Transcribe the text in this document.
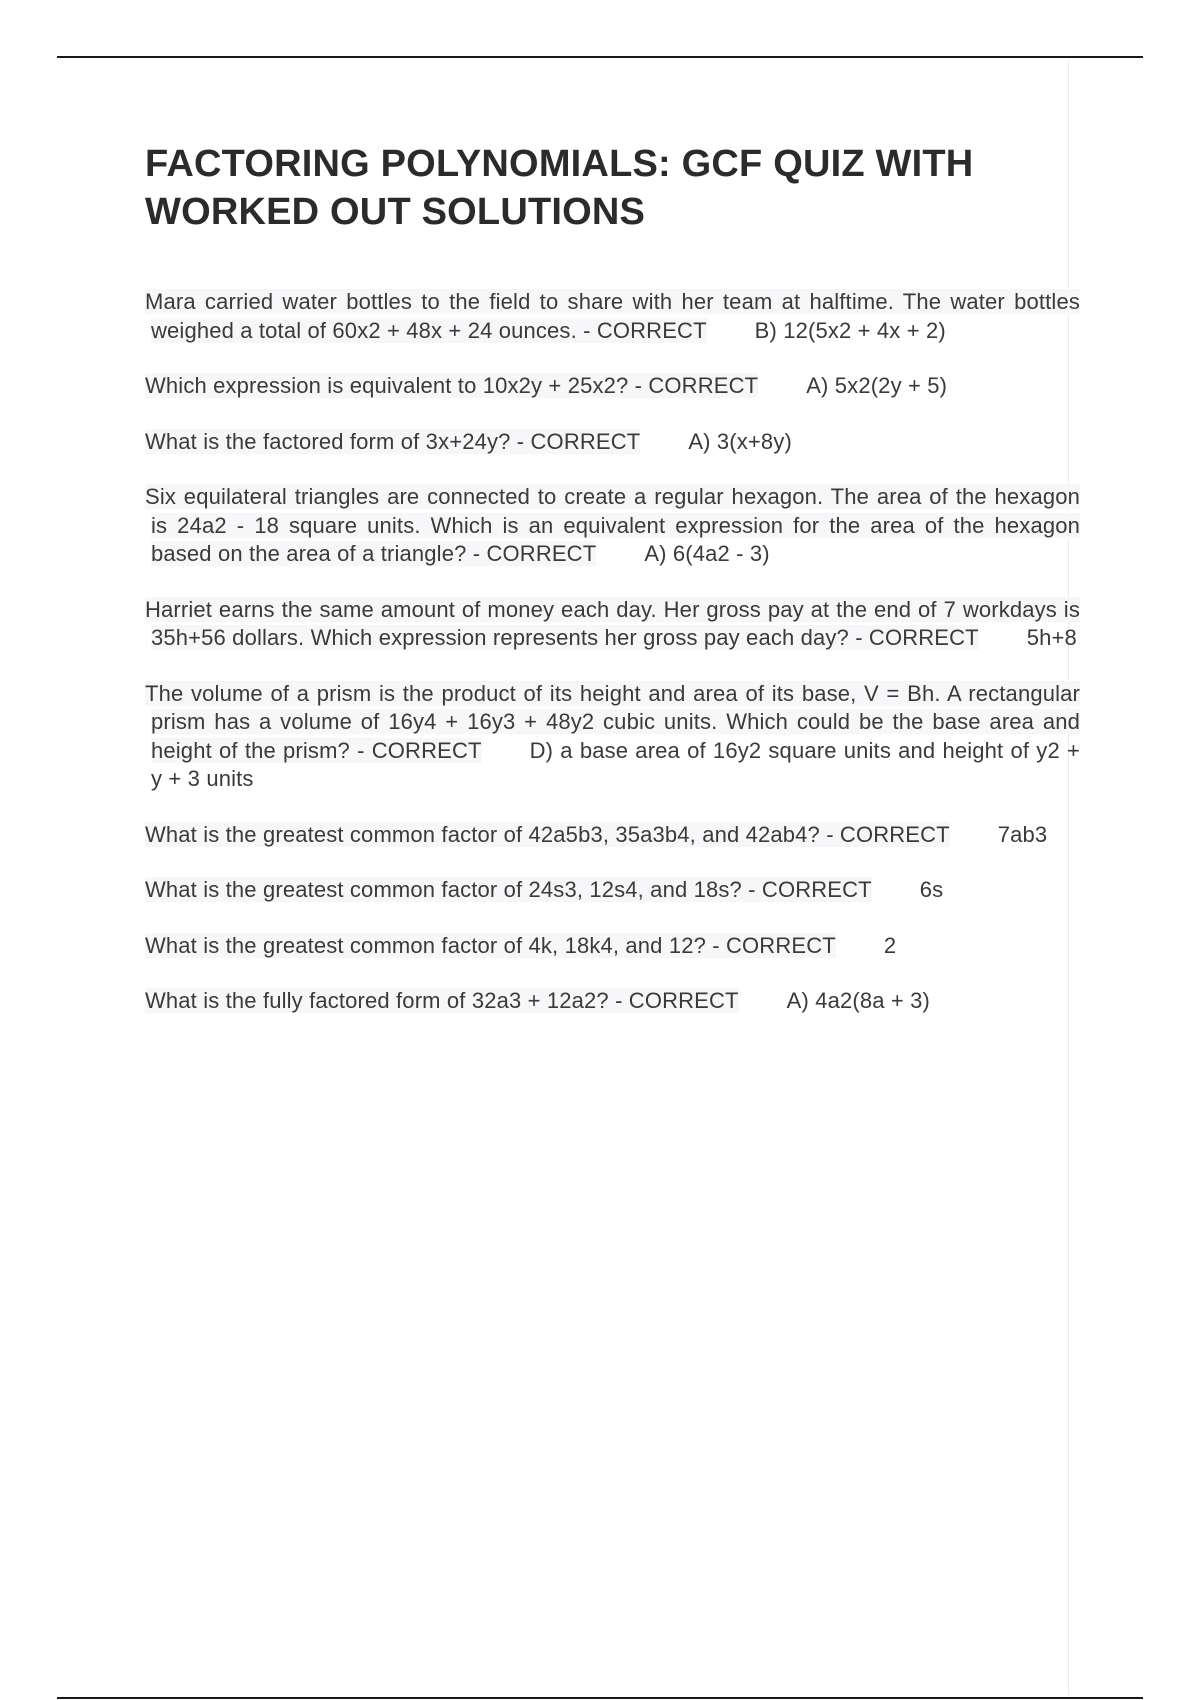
FACTORING POLYNOMIALS: GCF QUIZ WITH WORKED OUT SOLUTIONS

Mara carried water bottles to the field to share with her team at halftime. The water bottles weighed a total of 60x2 + 48x + 24 ounces. - CORRECT B) 12(5x2 + 4x + 2)

Which expression is equivalent to 10x2y + 25x2? - CORRECT A) 5x2(2y + 5)

What is the factored form of 3x+24y? - CORRECT A) 3(x+8y)

Six equilateral triangles are connected to create a regular hexagon. The area of the hexagon is 24a2 - 18 square units. Which is an equivalent expression for the area of the hexagon based on the area of a triangle? - CORRECT A) 6(4a2 - 3)

Harriet earns the same amount of money each day. Her gross pay at the end of 7 workdays is 35h+56 dollars. Which expression represents her gross pay each day? - CORRECT 5h+8

The volume of a prism is the product of its height and area of its base, V = Bh. A rectangular prism has a volume of 16y4 + 16y3 + 48y2 cubic units. Which could be the base area and height of the prism? - CORRECT D) a base area of 16y2 square units and height of y2 + y + 3 units

What is the greatest common factor of 42a5b3, 35a3b4, and 42ab4? - CORRECT 7ab3

What is the greatest common factor of 24s3, 12s4, and 18s? - CORRECT 6s

What is the greatest common factor of 4k, 18k4, and 12? - CORRECT 2

What is the fully factored form of 32a3 + 12a2? - CORRECT A) 4a2(8a + 3)
